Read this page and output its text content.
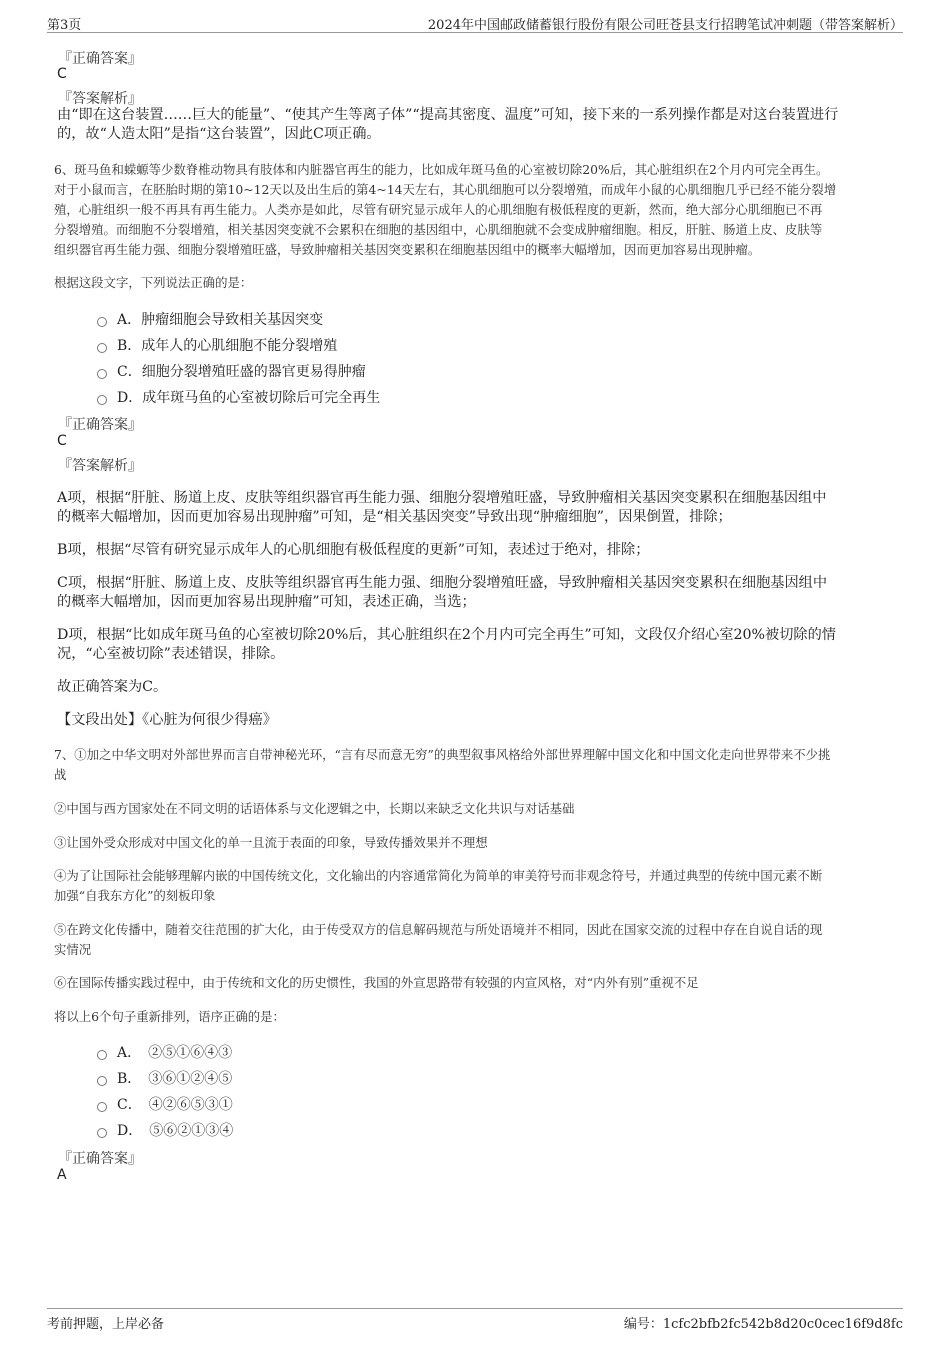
第3页	2024年中国邮政储蓄银行股份有限公司旺苍县支行招聘笔试冲刺题（带答案解析）
『正确答案』
C
『答案解析』
由“即在这台装置……巨大的能量”、“使其产生等离子体”“提高其密度、温度”可知，接下来的一系列操作都是对这台装置进行
的，故“人造太阳”是指“这台装置”，因此C项正确。
6、斑马鱼和蝾螈等少数脊椎动物具有肢体和内脏器官再生的能力，比如成年斑马鱼的心室被切除20%后，其心脏组织在2个月内可完全再生。
对于小鼠而言，在胚胎时期的第10~12天以及出生后的第4~14天左右，其心肌细胞可以分裂增殖，而成年小鼠的心肌细胞几乎已经不能分裂增
殖，心脏组织一般不再具有再生能力。人类亦是如此，尽管有研究显示成年人的心肌细胞有极低程度的更新，然而，绝大部分心肌细胞已不再
分裂增殖。而细胞不分裂增殖，相关基因突变就不会累积在细胞的基因组中，心肌细胞就不会变成肿瘤细胞。相反，肝脏、肠道上皮、皮肤等
组织器官再生能力强、细胞分裂增殖旺盛，导致肿瘤相关基因突变累积在细胞基因组中的概率大幅增加，因而更加容易出现肿瘤。
根据这段文字，下列说法正确的是：
A．肿瘤细胞会导致相关基因突变
B．成年人的心肌细胞不能分裂增殖
C．细胞分裂增殖旺盛的器官更易得肿瘤
D．成年斑马鱼的心室被切除后可完全再生
『正确答案』
C
『答案解析』
A项，根据“肝脏、肠道上皮、皮肤等组织器官再生能力强、细胞分裂增殖旺盛，导致肿瘤相关基因突变累积在细胞基因组中
的概率大幅增加，因而更加容易出现肿瘤”可知，是“相关基因突变”导致出现“肿瘤细胞”，因果倒置，排除；
B项，根据“尽管有研究显示成年人的心肌细胞有极低程度的更新”可知，表述过于绝对，排除；
C项，根据“肝脏、肠道上皮、皮肤等组织器官再生能力强、细胞分裂增殖旺盛，导致肿瘤相关基因突变累积在细胞基因组中
的概率大幅增加，因而更加容易出现肿瘤”可知，表述正确，当选；
D项，根据“比如成年斑马鱼的心室被切除20%后，其心脏组织在2个月内可完全再生”可知，文段仅介绍心室20%被切除的情
况，“心室被切除”表述错误，排除。
故正确答案为C。
【文段出处】《心脏为何很少得癌》
7、①加之中华文明对外部世界而言自带神秘光环，“言有尽而意无穷”的典型叙事风格给外部世界理解中国文化和中国文化走向世界带来不少挑
战
②中国与西方国家处在不同文明的话语体系与文化逻辑之中，长期以来缺乏文化共识与对话基础
③让国外受众形成对中国文化的单一且流于表面的印象，导致传播效果并不理想
④为了让国际社会能够理解内嵌的中国传统文化，文化输出的内容通常简化为简单的审美符号而非观念符号，并通过典型的传统中国元素不断
加强“自我东方化”的刻板印象
⑤在跨文化传播中，随着交往范围的扩大化，由于传受双方的信息解码规范与所处语境并不相同，因此在国家交流的过程中存在自说自话的现
实情况
⑥在国际传播实践过程中，由于传统和文化的历史惯性，我国的外宣思路带有较强的内宣风格，对“内外有别”重视不足
将以上6个句子重新排列，语序正确的是：
A．　②⑤①⑥④③
B．　③⑥①②④⑤
C．　④②⑥⑤③①
D．　⑤⑥②①③④
『正确答案』
A
考前押题，上岸必备	编号：1cfc2bfb2fc542b8d20c0cec16f9d8fc
